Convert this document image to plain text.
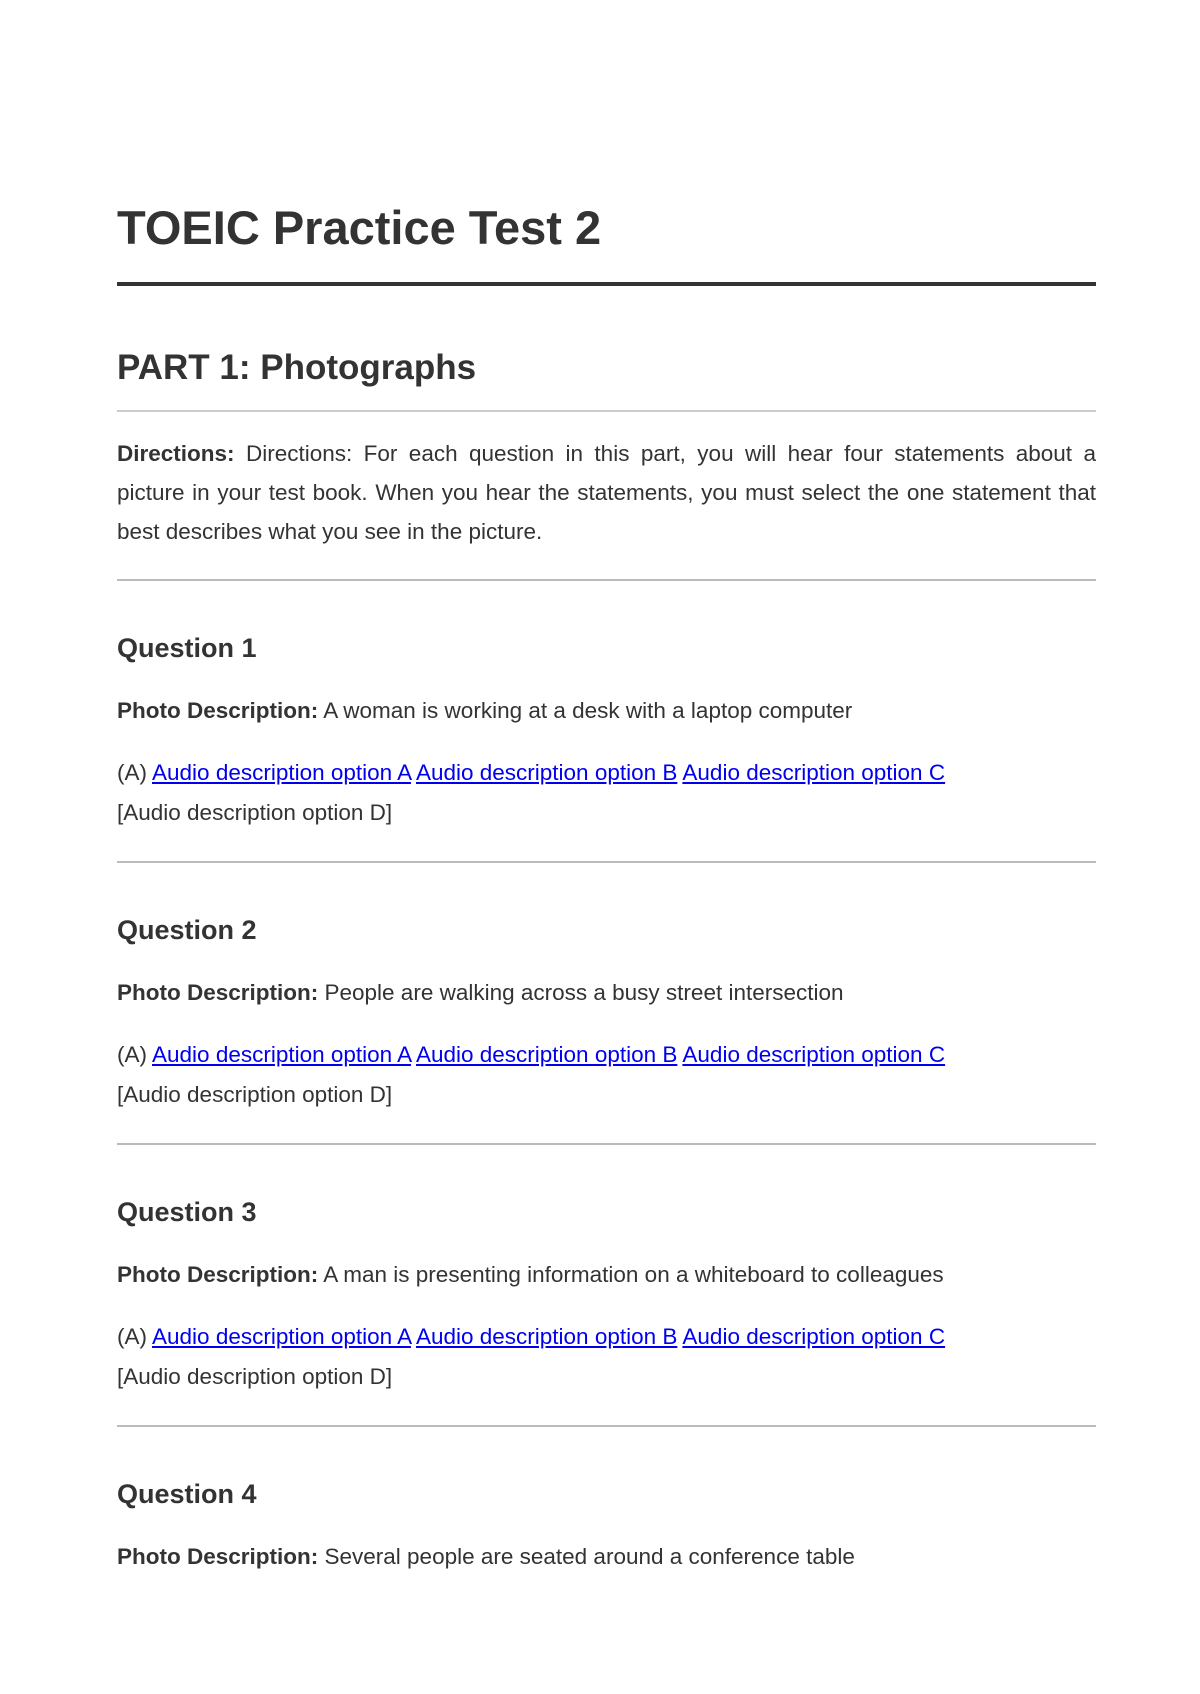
TOEIC Practice Test 2
PART 1: Photographs

Directions: Directions: For each question in this part, you will hear four statements about a picture in your test book. When you hear the statements, you must select the one statement that best describes what you see in the picture.

Question 1

Photo Description: A woman is working at a desk with a laptop computer

(A) Audio description option A Audio description option B Audio description option C
[Audio description option D]

Question 2

Photo Description: People are walking across a busy street intersection

(A) Audio description option A Audio description option B Audio description option C
[Audio description option D]

Question 3

Photo Description: A man is presenting information on a whiteboard to colleagues

(A) Audio description option A Audio description option B Audio description option C
[Audio description option D]

Question 4

Photo Description: Several people are seated around a conference table
